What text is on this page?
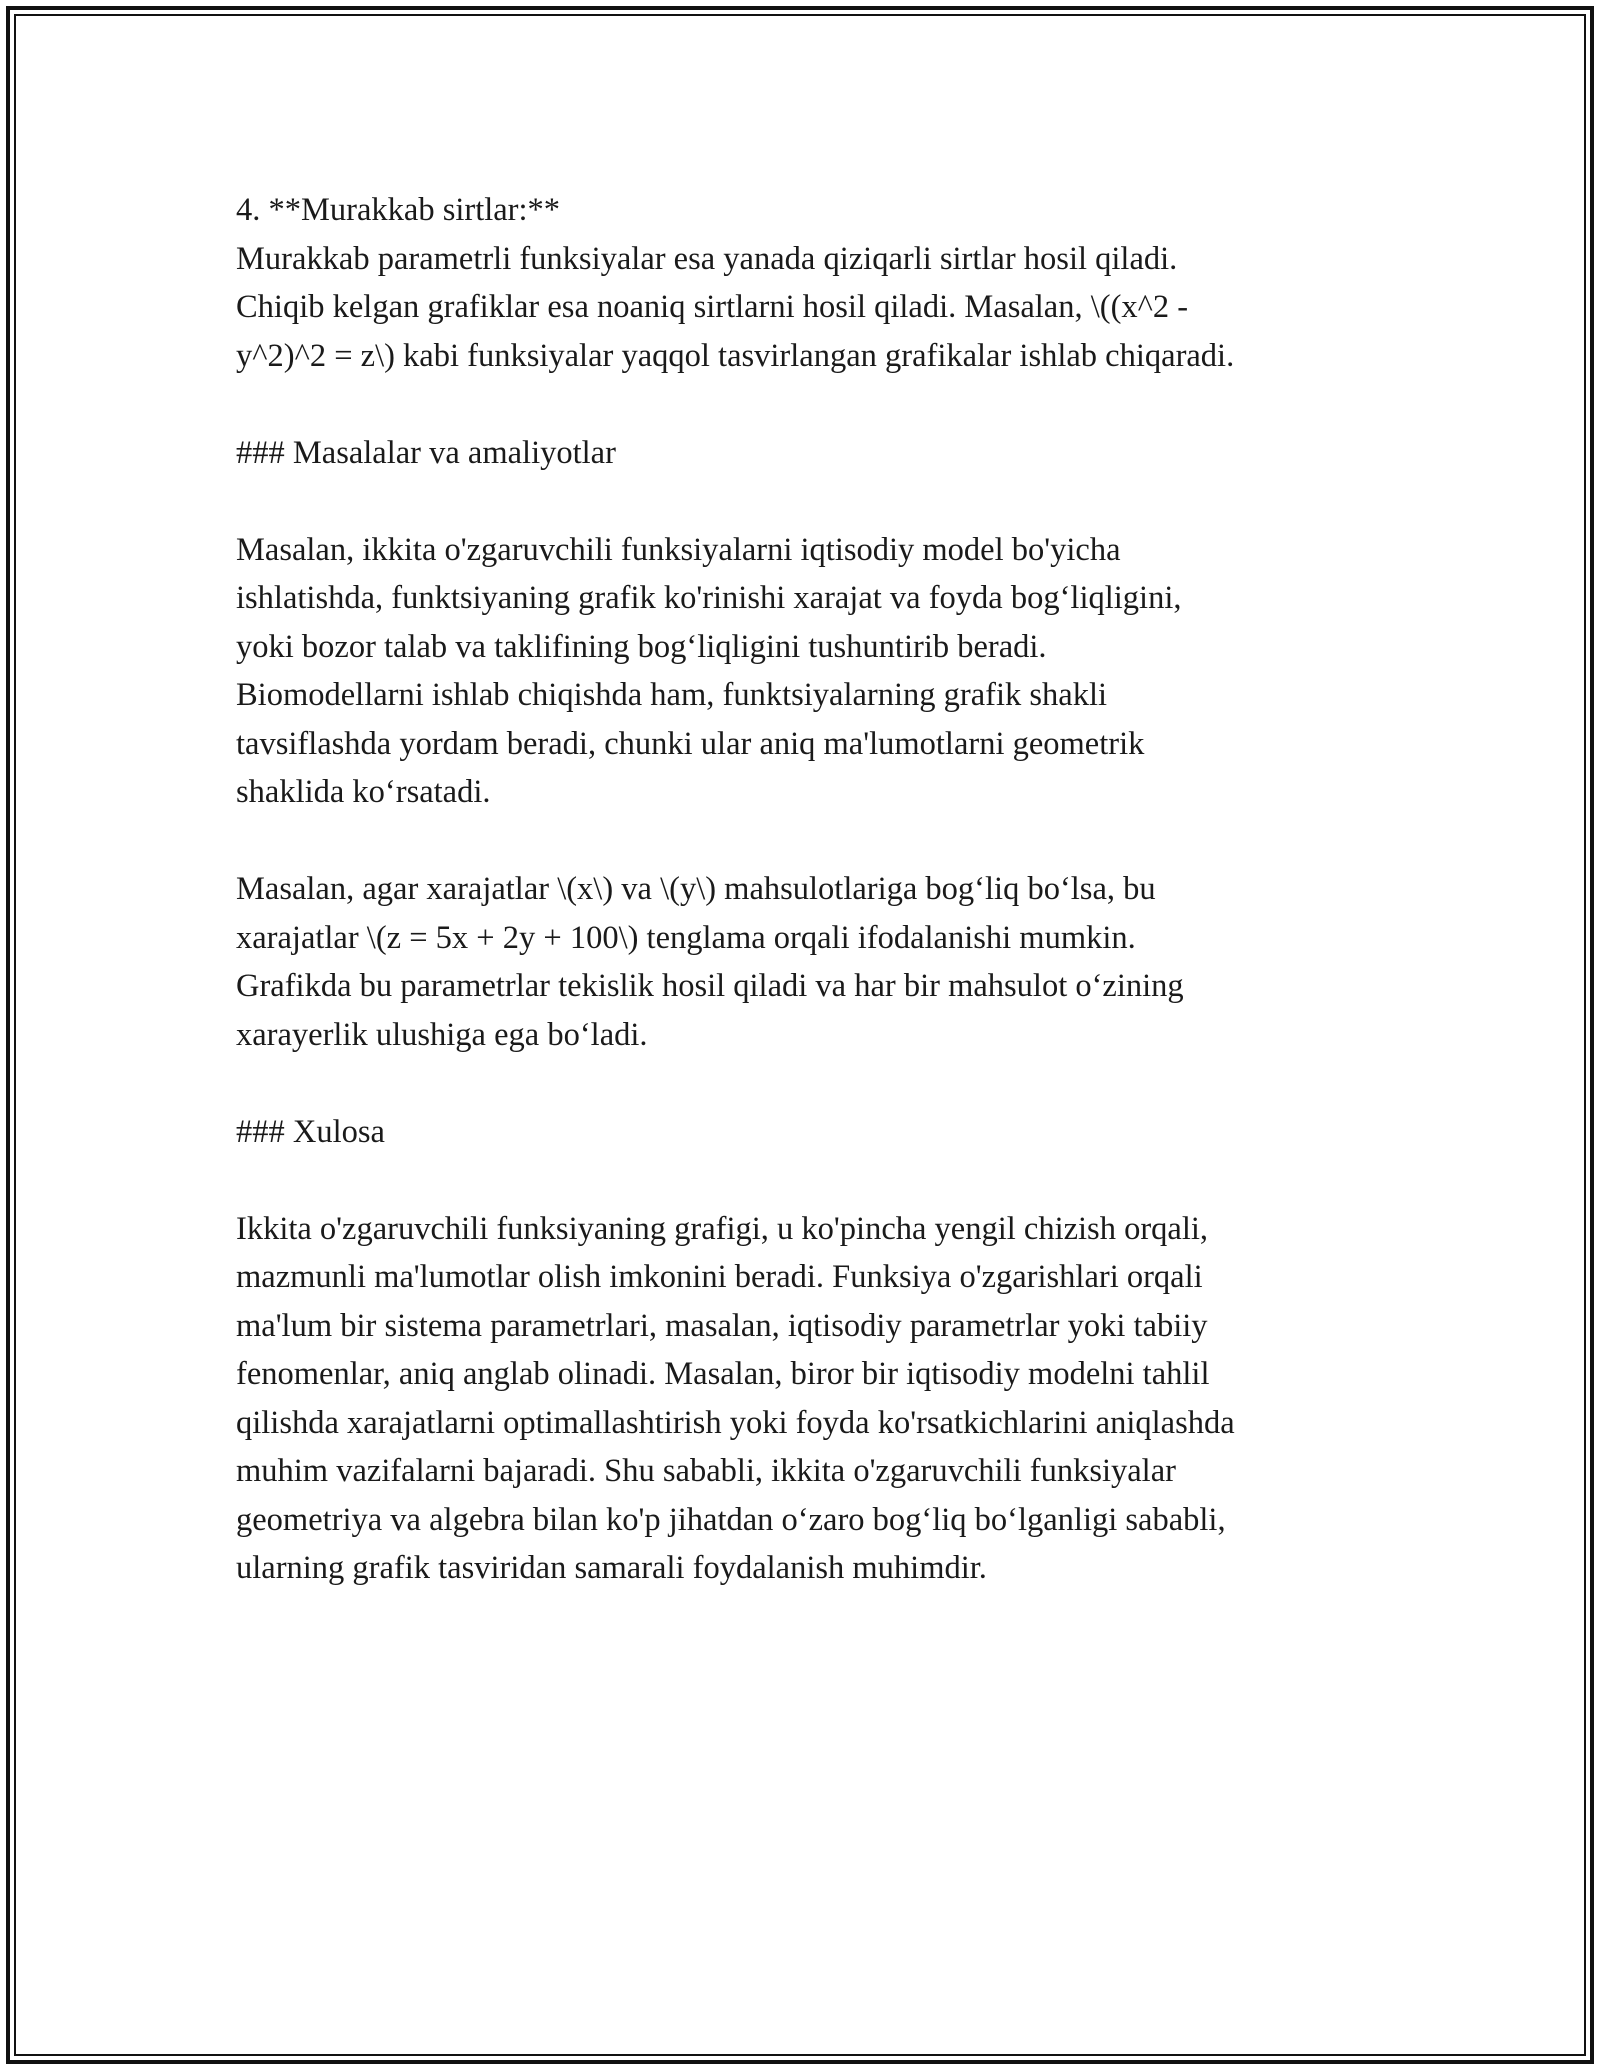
4. **Murakkab sirtlar:**

Murakkab parametrli funksiyalar esa yanada qiziqarli sirtlar hosil qiladi.
Chiqib kelgan grafiklar esa noaniq sirtlarni hosil qiladi. Masalan, \((x^2 -
y^2)^2 = z\) kabi funksiyalar yaqqol tasvirlangan grafikalar ishlab chiqaradi.

### Masalalar va amaliyotlar

Masalan, ikkita o'zgaruvchili funksiyalarni iqtisodiy model bo'yicha
ishlatishda, funktsiyaning grafik ko'rinishi xarajat va foyda bog‘liqligini,
yoki bozor talab va taklifining bog‘liqligini tushuntirib beradi.
Biomodellarni ishlab chiqishda ham, funktsiyalarning grafik shakli
tavsiflashda yordam beradi, chunki ular aniq ma'lumotlarni geometrik
shaklida ko‘rsatadi.

Masalan, agar xarajatlar \(x\) va \(y\) mahsulotlariga bog‘liq bo‘lsa, bu
xarajatlar \(z = 5x + 2y + 100\) tenglama orqali ifodalanishi mumkin.
Grafikda bu parametrlar tekislik hosil qiladi va har bir mahsulot o‘zining
xarayerlik ulushiga ega bo‘ladi.

### Xulosa

Ikkita o'zgaruvchili funksiyaning grafigi, u ko'pincha yengil chizish orqali,
mazmunli ma'lumotlar olish imkonini beradi. Funksiya o'zgarishlari orqali
ma'lum bir sistema parametrlari, masalan, iqtisodiy parametrlar yoki tabiiy
fenomenlar, aniq anglab olinadi. Masalan, biror bir iqtisodiy modelni tahlil
qilishda xarajatlarni optimallashtirish yoki foyda ko'rsatkichlarini aniqlashda
muhim vazifalarni bajaradi. Shu sababli, ikkita o'zgaruvchili funksiyalar
geometriya va algebra bilan ko'p jihatdan o‘zaro bog‘liq bo‘lganligi sababli,
ularning grafik tasviridan samarali foydalanish muhimdir.
